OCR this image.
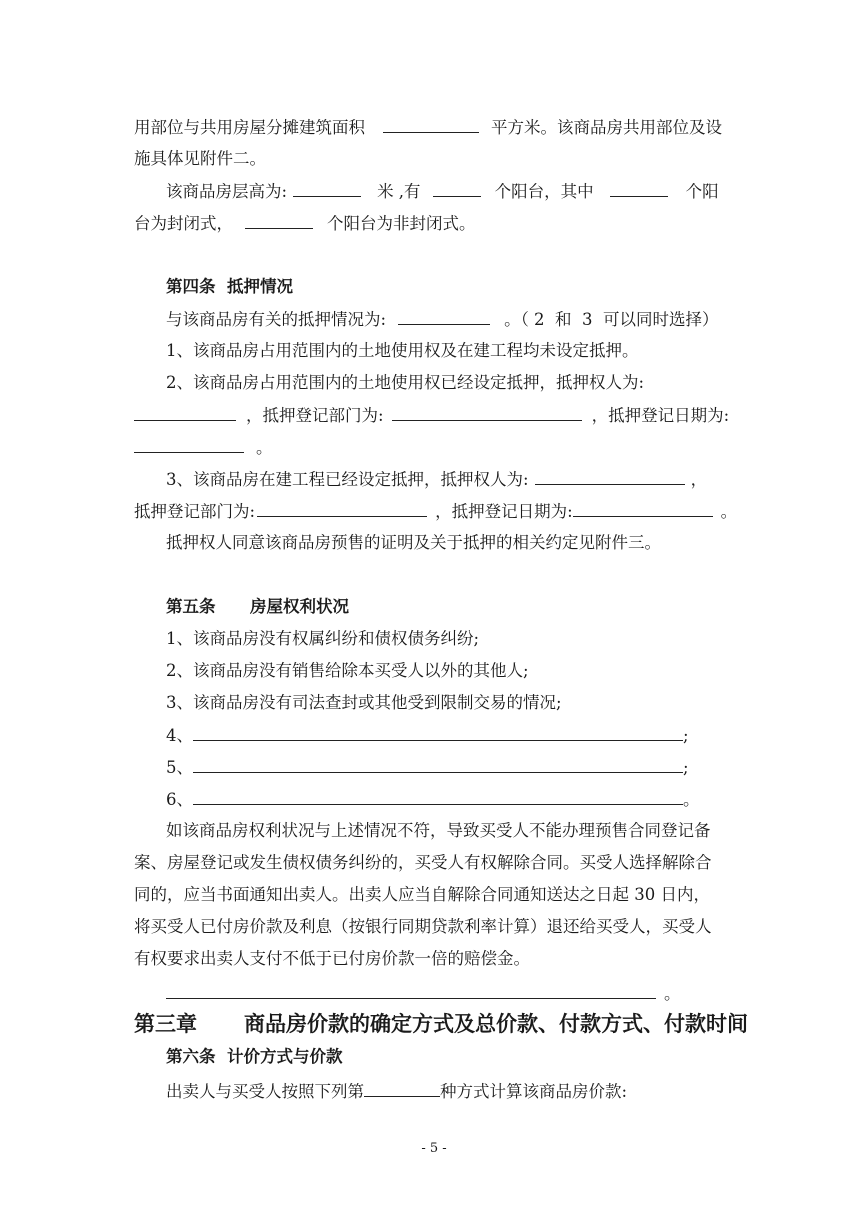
用部位与共用房屋分摊建筑面积	平方米。该商品房共用部位及设
施具体见附件二。
该商品房层高为:	米 ,有	个阳台，其中	个阳
台为封闭式，	个阳台为非封闭式。
第四条  抵押情况
与该商品房有关的抵押情况为:	。（ 2  和  3  可以同时选择）
1、该商品房占用范围内的土地使用权及在建工程均未设定抵押。
2、该商品房占用范围内的土地使用权已经设定抵押，抵押权人为:
，抵押登记部门为:	，抵押登记日期为:
。
3、该商品房在建工程已经设定抵押，抵押权人为:	，
抵押登记部门为:	，抵押登记日期为:	。
抵押权人同意该商品房预售的证明及关于抵押的相关约定见附件三。
第五条      房屋权利状况
1、该商品房没有权属纠纷和债权债务纠纷;
2、该商品房没有销售给除本买受人以外的其他人;
3、该商品房没有司法查封或其他受到限制交易的情况;
4、	;
5、	;
6、	。
如该商品房权利状况与上述情况不符，导致买受人不能办理预售合同登记备
案、房屋登记或发生债权债务纠纷的，买受人有权解除合同。买受人选择解除合
同的，应当书面通知出卖人。出卖人应当自解除合同通知送达之日起 30 日内，
将买受人已付房价款及利息（按银行同期贷款利率计算）退还给买受人，买受人
有权要求出卖人支付不低于已付房价款一倍的赔偿金。
。
第三章 商品房价款的确定方式及总价款、付款方式、付款时间
第六条  计价方式与价款
出卖人与买受人按照下列第	种方式计算该商品房价款:
- 5 -
